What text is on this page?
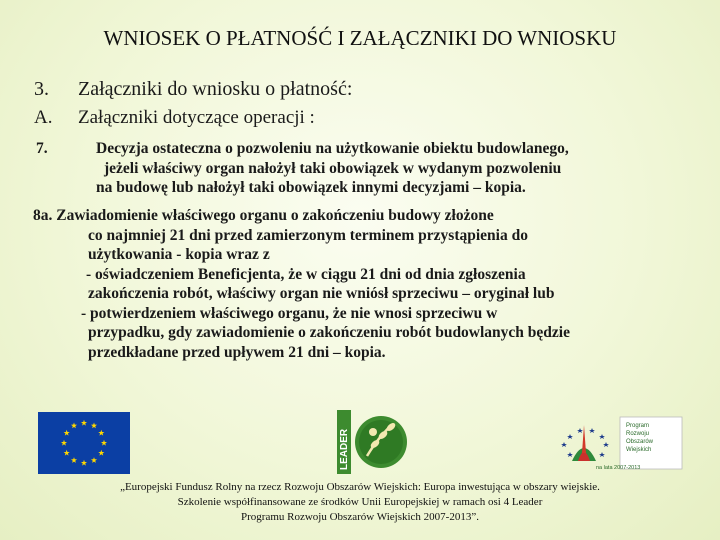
WNIOSEK O PŁATNOŚĆ I ZAŁĄCZNIKI DO WNIOSKU
3. Załączniki do wniosku o płatność:
A. Załączniki dotyczące operacji :
7.	Decyzja ostateczna o pozwoleniu na użytkowanie obiektu budowlanego,
jeżeli właściwy organ nałożył taki obowiązek w wydanym pozwoleniu
na budowę lub nałożył taki obowiązek innymi decyzjami – kopia.
8a. Zawiadomienie właściwego organu o zakończeniu budowy złożone
co najmniej 21 dni przed zamierzonym terminem przystąpienia do
użytkowania - kopia wraz z
- oświadczeniem Beneficjenta, że w ciągu 21 dni od dnia zgłoszenia
zakończenia robót, właściwy organ nie wniósł sprzeciwu – oryginał lub
- potwierdzeniem właściwego organu, że nie wnosi sprzeciwu w
przypadku, gdy zawiadomienie o zakończeniu robót budowlanych będzie
przedkładane przed upływem 21 dni – kopia.
LEADER
Program
Rozwoju
Obszarów
Wiejskich
na lata 2007-2013
„Europejski Fundusz Rolny na rzecz Rozwoju Obszarów Wiejskich: Europa inwestująca w obszary wiejskie.
Szkolenie współfinansowane ze środków Unii Europejskiej w ramach osi 4 Leader
Programu Rozwoju Obszarów Wiejskich 2007-2013”.
